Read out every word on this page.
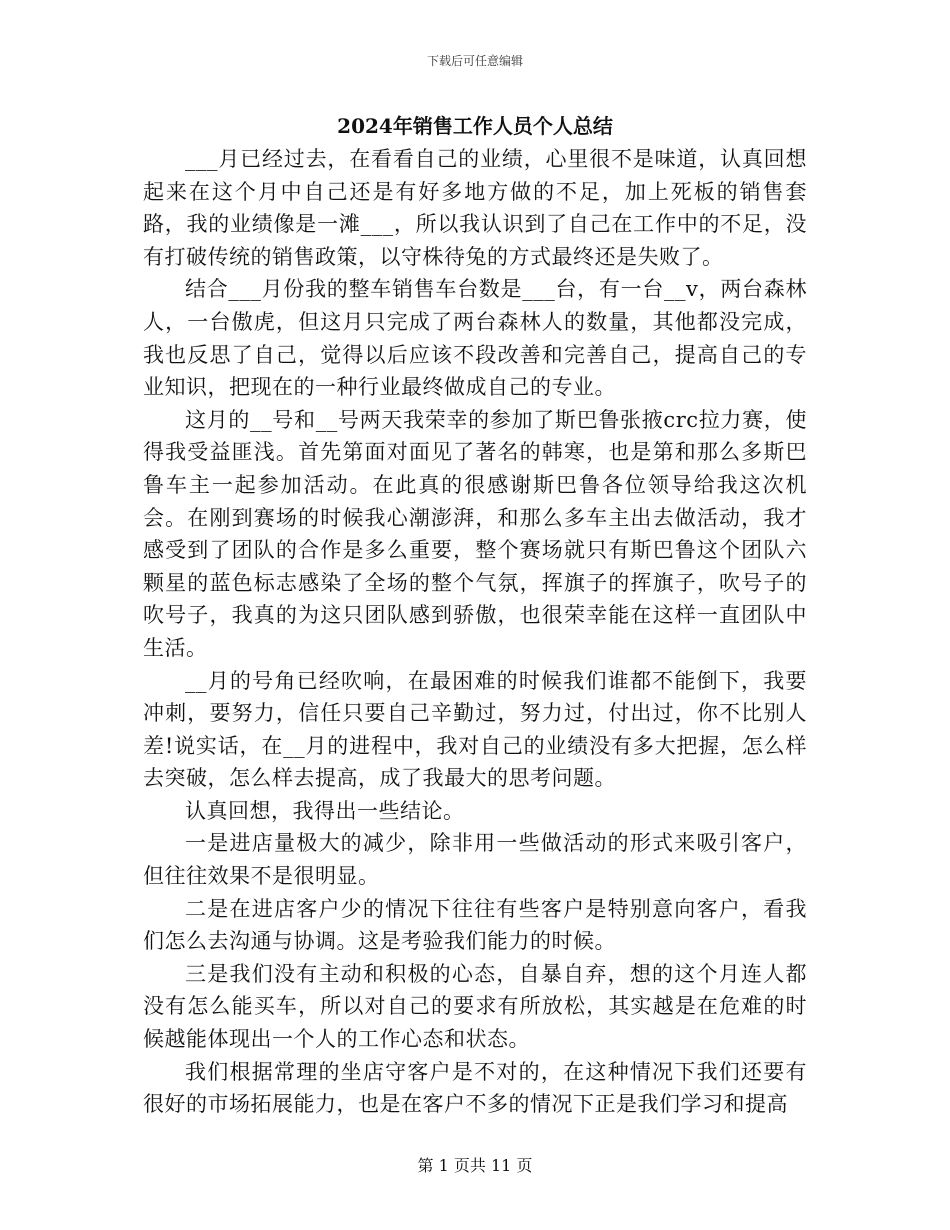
下载后可任意编辑
2024年销售工作人员个人总结

___月已经过去，在看看自己的业绩，心里很不是味道，认真回想起来在这个月中自己还是有好多地方做的不足，加上死板的销售套路，我的业绩像是一滩___，所以我认识到了自己在工作中的不足，没有打破传统的销售政策，以守株待兔的方式最终还是失败了。

结合___月份我的整车销售车台数是___台，有一台__v，两台森林人，一台傲虎，但这月只完成了两台森林人的数量，其他都没完成，我也反思了自己，觉得以后应该不段改善和完善自己，提高自己的专业知识，把现在的一种行业最终做成自己的专业。

这月的__号和__号两天我荣幸的参加了斯巴鲁张掖crc拉力赛，使得我受益匪浅。首先第面对面见了著名的韩寒，也是第和那么多斯巴鲁车主一起参加活动。在此真的很感谢斯巴鲁各位领导给我这次机会。在刚到赛场的时候我心潮澎湃，和那么多车主出去做活动，我才感受到了团队的合作是多么重要，整个赛场就只有斯巴鲁这个团队六颗星的蓝色标志感染了全场的整个气氛，挥旗子的挥旗子，吹号子的吹号子，我真的为这只团队感到骄傲，也很荣幸能在这样一直团队中生活。

__月的号角已经吹响，在最困难的时候我们谁都不能倒下，我要冲刺，要努力，信任只要自己辛勤过，努力过，付出过，你不比别人差!说实话，在__月的进程中，我对自己的业绩没有多大把握，怎么样去突破，怎么样去提高，成了我最大的思考问题。

认真回想，我得出一些结论。

一是进店量极大的减少，除非用一些做活动的形式来吸引客户，但往往效果不是很明显。

二是在进店客户少的情况下往往有些客户是特别意向客户，看我们怎么去沟通与协调。这是考验我们能力的时候。

三是我们没有主动和积极的心态，自暴自弃，想的这个月连人都没有怎么能买车，所以对自己的要求有所放松，其实越是在危难的时候越能体现出一个人的工作心态和状态。

我们根据常理的坐店守客户是不对的，在这种情况下我们还要有很好的市场拓展能力，也是在客户不多的情况下正是我们学习和提高

第 1 页共 11 页
